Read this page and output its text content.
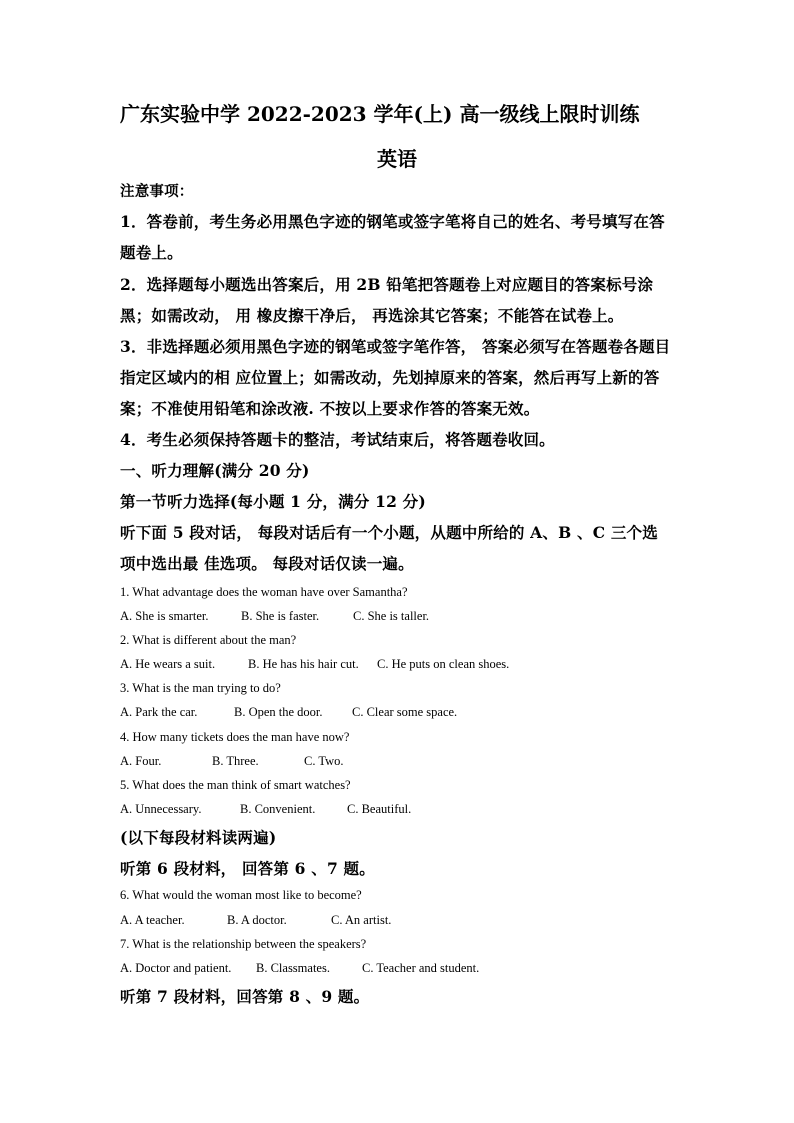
广东实验中学 2022-2023 学年(上) 高一级线上限时训练
英语
注意事项：
1．答卷前，考生务必用黑色字迹的钢笔或签字笔将自己的姓名、考号填写在答
题卷上。
2．选择题每小题选出答案后，用 2B 铅笔把答题卷上对应题目的答案标号涂
黑；如需改动， 用 橡皮擦干净后， 再选涂其它答案；不能答在试卷上。
3．非选择题必须用黑色字迹的钢笔或签字笔作答， 答案必须写在答题卷各题目
指定区域内的相 应位置上；如需改动，先划掉原来的答案，然后再写上新的答
案；不准使用铅笔和涂改液. 不按以上要求作答的答案无效。
4．考生必须保持答题卡的整洁，考试结束后，将答题卷收回。
一、听力理解(满分 20 分)
第一节听力选择(每小题 1 分，满分 12 分)
听下面 5 段对话， 每段对话后有一个小题，从题中所给的 A、B 、C 三个选
项中选出最 佳选项。 每段对话仅读一遍。
1. What advantage does the woman have over Samantha?
A. She is smarter.	B. She is faster.	C. She is taller.
2. What is different about the man?
A. He wears a suit.	B. He has his hair cut. C. He puts on clean shoes.
3. What is the man trying to do?
A. Park the car.	B. Open the door. C. Clear some space.
4. How many tickets does the man have now?
A. Four.	B. Three.	C. Two.
5. What does the man think of smart watches?
A. Unnecessary.	B. Convenient.	C. Beautiful.
(以下每段材料读两遍)
听第 6 段材料， 回答第 6 、7 题。
6. What would the woman most like to become?
A. A teacher.	B. A doctor.	C. An artist.
7. What is the relationship between the speakers?
A. Doctor and patient. B. Classmates.	C. Teacher and student.
听第 7 段材料，回答第 8 、9 题。
